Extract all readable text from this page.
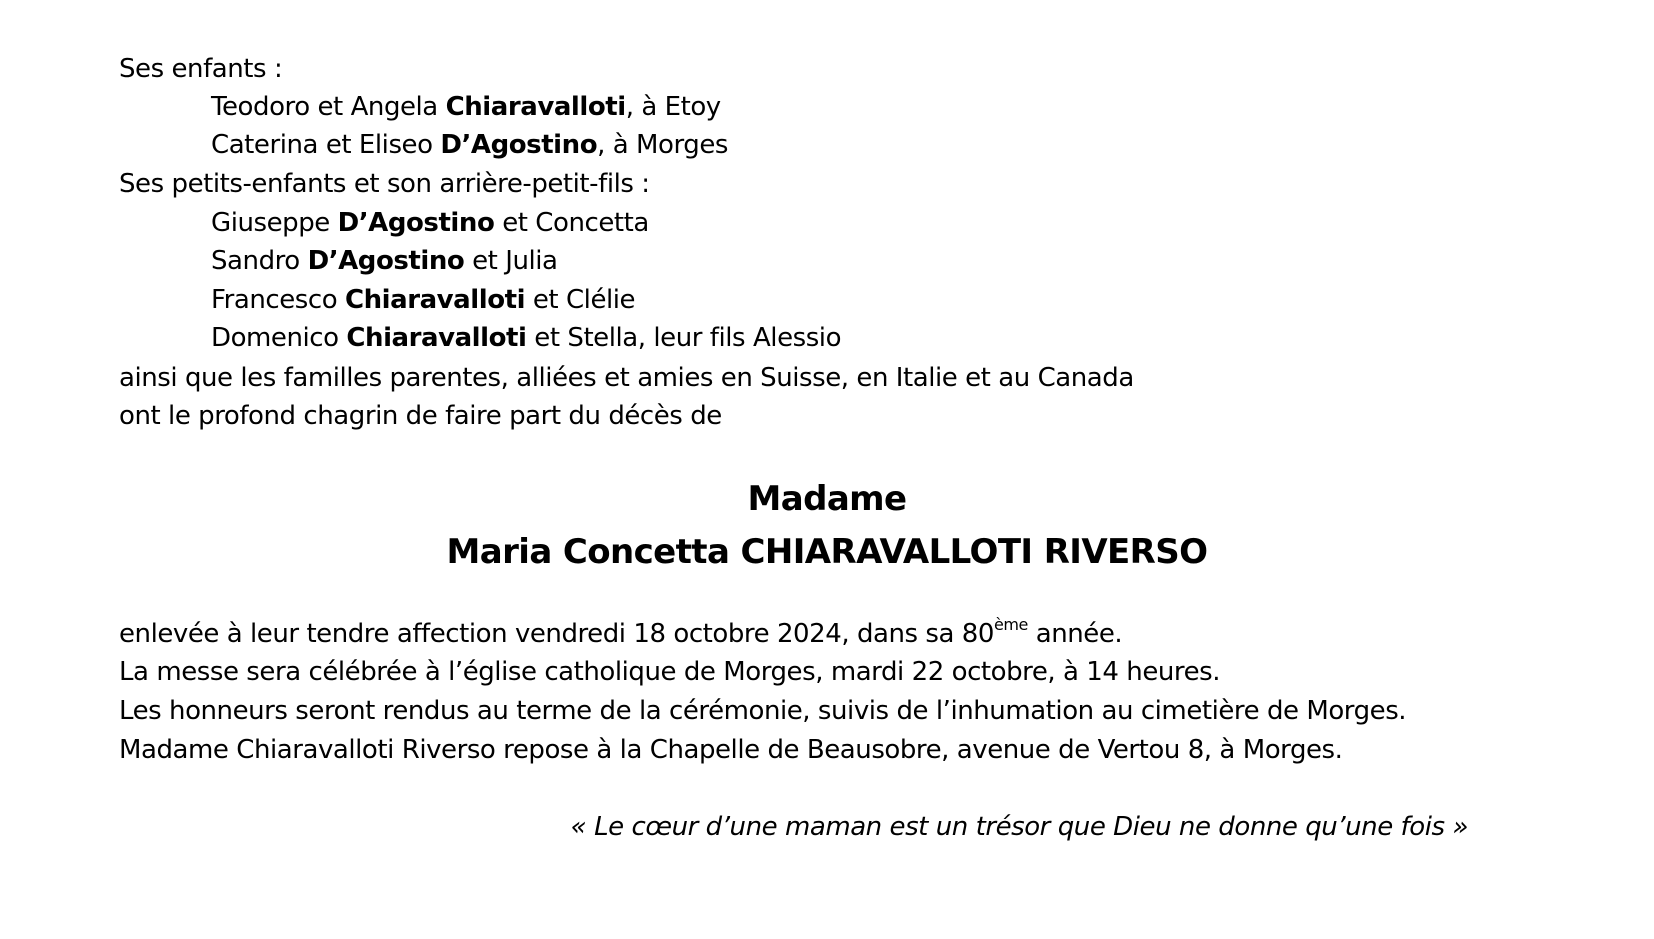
Ses enfants :
Teodoro et Angela Chiaravalloti, à Etoy
Caterina et Eliseo D’Agostino, à Morges
Ses petits-enfants et son arrière-petit-fils :
Giuseppe D’Agostino et Concetta
Sandro D’Agostino et Julia
Francesco Chiaravalloti et Clélie
Domenico Chiaravalloti et Stella, leur fils Alessio
ainsi que les familles parentes, alliées et amies en Suisse, en Italie et au Canada
ont le profond chagrin de faire part du décès de
Madame
Maria Concetta CHIARAVALLOTI RIVERSO
enlevée à leur tendre affection vendredi 18 octobre 2024, dans sa 80ème année.
La messe sera célébrée à l’église catholique de Morges, mardi 22 octobre, à 14 heures.
Les honneurs seront rendus au terme de la cérémonie, suivis de l’inhumation au cimetière de Morges.
Madame Chiaravalloti Riverso repose à la Chapelle de Beausobre, avenue de Vertou 8, à Morges.
« Le cœur d’une maman est un trésor que Dieu ne donne qu’une fois »
